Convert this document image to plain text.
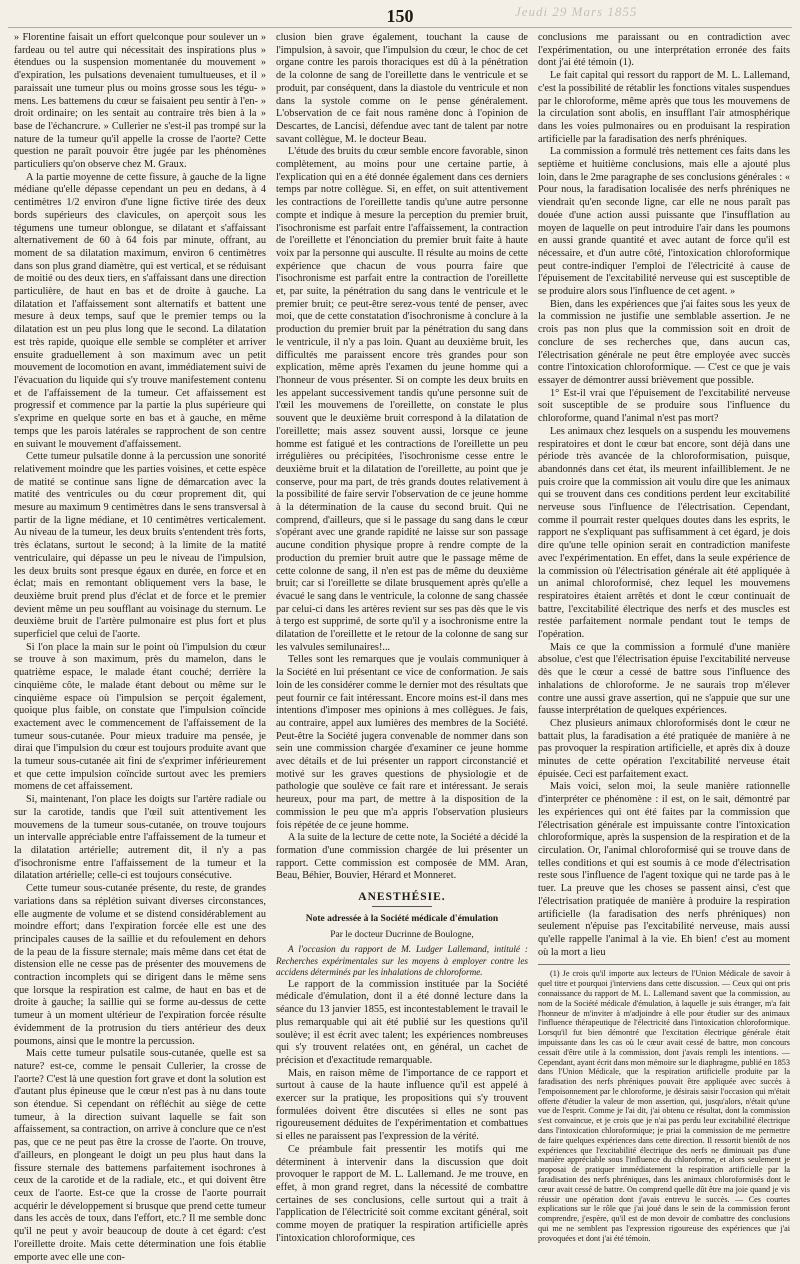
Jeudi 29 Mars 1855
150

» Florentine faisait un effort quelconque pour soulever un » fardeau ou tel autre qui nécessitait des inspirations plus » étendues ou la suspension momentanée du mouvement » d'expiration, les pulsations devenaient tumultueuses, et il » paraissait une tumeur plus ou moins grosse sous les tégu- » mens. Les battemens du cœur se faisaient peu sentir à l'en- » droit ordinaire; on les sentait au contraire très bien à la » base de l'échancrure. » Cullerier ne s'est-il pas trompé sur la nature de la tumeur qu'il appelle la crosse de l'aorte? Cette question ne paraît pouvoir être jugée par les phénomènes particuliers qu'on observe chez M. Graux.

A la partie moyenne de cette fissure, à gauche de la ligne médiane qu'elle dépasse cependant un peu en dedans, à 4 centimètres 1/2 environ d'une ligne fictive tirée des deux bords supérieurs des clavicules, on aperçoit sous les tégumens une tumeur oblongue, se dilatant et s'affaissant alternativement de 60 à 64 fois par minute, offrant, au moment de sa dilatation maximum, environ 6 centimètres dans son plus grand diamètre, qui est vertical, et se réduisant de moitié ou des deux tiers, en s'affaissant dans une direction particulière, de haut en bas et de droite à gauche. La dilatation et l'affaissement sont alternatifs et battent une mesure à deux temps, sauf que le premier temps ou la dilatation est un peu plus long que le second. La dilatation est très rapide, quoique elle semble se compléter et arriver ensuite graduellement à son maximum avec un petit mouvement de locomotion en avant, immédiatement suivi de l'évacuation du liquide qui s'y trouve manifestement contenu et de l'affaissement de la tumeur. Cet affaissement est progressif et commence par la partie la plus supérieure qui s'exprime en quelque sorte en bas et à gauche, en même temps que les parois latérales se rapprochent de son centre en suivant le mouvement d'affaissement.

Cette tumeur pulsatile donne à la percussion une sonorité relativement moindre que les parties voisines, et cette espèce de matité se continue sans ligne de démarcation avec la matité des ventricules ou du cœur proprement dit, qui mesure au maximum 9 centimètres dans le sens transversal à partir de la ligne médiane, et 10 centimètres verticalement. Au niveau de la tumeur, les deux bruits s'entendent très forts, très éclatans, surtout le second; à la limite de la matité ventriculaire, qui dépasse un peu le niveau de l'impulsion, les deux bruits sont presque égaux en durée, en force et en éclat; mais en remontant obliquement vers la base, le deuxième bruit prend plus d'éclat et de force et le premier devient même un peu soufflant au voisinage du sternum. Le deuxième bruit de l'artère pulmonaire est plus fort et plus superficiel que celui de l'aorte.

Si l'on place la main sur le point où l'impulsion du cœur se trouve à son maximum, près du mamelon, dans le quatrième espace, le malade étant couché; derrière la cinquième côte, le malade étant debout ou même sur le cinquième espace où l'impulsion se perçoit également, quoique plus faible, on constate que l'impulsion coïncide exactement avec le commencement de l'affaissement de la tumeur sous-cutanée. Pour mieux traduire ma pensée, je dirai que l'impulsion du cœur est toujours produite avant que la tumeur sous-cutanée ait fini de s'exprimer inférieurement et que cette impulsion coïncide surtout avec les premiers momens de cet affaissement.

Si, maintenant, l'on place les doigts sur l'artère radiale ou sur la carotide, tandis que l'œil suit attentivement les mouvemens de la tumeur sous-cutanée, on trouve toujours un intervalle appréciable entre l'affaissement de la tumeur et la dilatation artérielle; autrement dit, il n'y a pas d'isochronisme entre l'affaissement de la tumeur et la dilatation artérielle; celle-ci est toujours consécutive.

Cette tumeur sous-cutanée présente, du reste, de grandes variations dans sa réplétion suivant diverses circonstances, elle augmente de volume et se distend considérablement au moindre effort; dans l'expiration forcée elle est une des principales causes de la saillie et du refoulement en dehors de la peau de la fissure sternale; mais même dans cet état de distension elle ne cesse pas de présenter des mouvemens de contraction incomplets qui se dirigent dans le même sens que lorsque la respiration est calme, de haut en bas et de droite à gauche; la saillie qui se forme au-dessus de cette tumeur à un moment ultérieur de l'expiration forcée résulte évidemment de la protrusion du tiers antérieur des deux poumons, ainsi que le montre la percussion.

Mais cette tumeur pulsatile sous-cutanée, quelle est sa nature? est-ce, comme le pensait Cullerier, la crosse de l'aorte? C'est là une question fort grave et dont la solution est d'autant plus épineuse que le cœur n'est pas à nu dans toute son étendue. Si cependant on réfléchit au siège de cette tumeur, à la direction suivant laquelle se fait son affaissement, sa contraction, on arrive à conclure que ce n'est pas, que ce ne peut pas être la crosse de l'aorte. On trouve, d'ailleurs, en plongeant le doigt un peu plus haut dans la fissure sternale des battemens parfaitement isochrones à ceux de la carotide et de la radiale, etc., et qui doivent être ceux de l'aorte. Est-ce que la crosse de l'aorte pourrait acquérir le développement si brusque que prend cette tumeur dans les accès de toux, dans l'effort, etc.? Il me semble donc qu'il ne peut y avoir beaucoup de doute à cet égard: c'est l'oreillette droite. Mais cette détermination une fois établie emporte avec elle une con-

clusion bien grave également, touchant la cause de l'impulsion, à savoir, que l'impulsion du cœur, le choc de cet organe contre les parois thoraciques est dû à la pénétration de la colonne de sang de l'oreillette dans le ventricule et se produit, par conséquent, dans la diastole du ventricule et non dans la systole comme on le pense généralement. L'observation de ce fait nous ramène donc à l'opinion de Descartes, de Lancisi, défendue avec tant de talent par notre savant collègue, M. le docteur Beau.

L'étude des bruits du cœur semble encore favorable, sinon complètement, au moins pour une certaine partie, à l'explication qui en a été donnée également dans ces derniers temps par notre collègue. Si, en effet, on suit attentivement les contractions de l'oreillette tandis qu'une autre personne compte et indique à mesure la perception du premier bruit, l'isochronisme est parfait entre l'affaissement, la contraction de l'oreillette et l'énonciation du premier bruit faite à haute voix par la personne qui ausculte. Il résulte au moins de cette expérience que chacun de vous pourra faire que l'isochronisme est parfait entre la contraction de l'oreillette et, par suite, la pénétration du sang dans le ventricule et le premier bruit; ce peut-être serez-vous tenté de penser, avec moi, que de cette constatation d'isochronisme à conclure à la production du premier bruit par la pénétration du sang dans le ventricule, il n'y a pas loin. Quant au deuxième bruit, les difficultés me paraissent encore très grandes pour son explication, même après l'examen du jeune homme qui a l'honneur de vous présenter. Si on compte les deux bruits en les appelant successivement tandis qu'une personne suit de l'œil les mouvemens de l'oreillette, on constate le plus souvent que le deuxième bruit correspond à la dilatation de l'oreillette; mais assez souvent aussi, lorsque ce jeune homme est fatigué et les contractions de l'oreillette un peu irrégulières ou précipitées, l'isochronisme cesse entre le deuxième bruit et la dilatation de l'oreillette, au point que je conserve, pour ma part, de très grands doutes relativement à la possibilité de faire servir l'observation de ce jeune homme à la détermination de la cause du second bruit. Qui ne comprend, d'ailleurs, que si le passage du sang dans le cœur s'opérant avec une grande rapidité ne laisse sur son passage aucune condition physique propre à rendre compte de la production du premier bruit autre que le passage même de cette colonne de sang, il n'en est pas de même du deuxième bruit; car si l'oreillette se dilate brusquement après qu'elle a évacué le sang dans le ventricule, la colonne de sang chassée par celui-ci dans les artères revient sur ses pas dès que le vis à tergo est supprimé, de sorte qu'il y a isochronisme entre la dilatation de l'oreillette et le retour de la colonne de sang sur les valvules semilunaires!...

Telles sont les remarques que je voulais communiquer à la Société en lui présentant ce vice de conformation. Je sais loin de les considérer comme le dernier mot des résultats que peut fournir ce fait intéressant. Encore moins est-il dans mes intentions d'imposer mes opinions à mes collègues. Je fais, au contraire, appel aux lumières des membres de la Société. Peut-être la Société jugera convenable de nommer dans son sein une commission chargée d'examiner ce jeune homme avec détails et de lui présenter un rapport circonstancié et motivé sur les graves questions de physiologie et de pathologie que soulève ce fait rare et intéressant. Je serais heureux, pour ma part, de mettre à la disposition de la commission le peu que m'a appris l'observation plusieurs fois répétée de ce jeune homme.

A la suite de la lecture de cette note, la Société a décidé la formation d'une commission chargée de lui présenter un rapport. Cette commission est composée de MM. Aran, Beau, Béhier, Bouvier, Hérard et Monneret.

ANESTHÉSIE.
Note adressée à la Société médicale d'émulation
Par le docteur Ducrinne de Boulogne,

A l'occasion du rapport de M. Ludger Lallemand, intitulé : Recherches expérimentales sur les moyens à employer contre les accidens déterminés par les inhalations de chloroforme.

Le rapport de la commission instituée par la Société médicale d'émulation, dont il a été donné lecture dans la séance du 13 janvier 1855, est incontestablement le travail le plus remarquable qui ait été publié sur les questions qu'il soulève; il est écrit avec talent; les expériences nombreuses qui s'y trouvent relatées ont, en général, un cachet de précision et d'exactitude remarquable.

Mais, en raison même de l'importance de ce rapport et surtout à cause de la haute influence qu'il est appelé à exercer sur la pratique, les propositions qui s'y trouvent formulées doivent être discutées si elles ne sont pas rigoureusement déduites de l'expérimentation et combattues si elles ne paraissent pas l'expression de la vérité.

Ce préambule fait pressentir les motifs qui me déterminent à intervenir dans la discussion que doit provoquer le rapport de M. L. Lallemand. Je me trouve, en effet, à mon grand regret, dans la nécessité de combattre certaines de ses conclusions, celle surtout qui a trait à l'application de l'électricité soit comme excitant général, soit comme moyen de pratiquer la respiration artificielle après l'intoxication chloroformique, ces

conclusions me paraissant ou en contradiction avec l'expérimentation, ou une interprétation erronée des faits dont j'ai été témoin (1).

Le fait capital qui ressort du rapport de M. L. Lallemand, c'est la possibilité de rétablir les fonctions vitales suspendues par le chloroforme, même après que tous les mouvemens de la circulation sont abolis, en insufflant l'air atmosphérique dans les voies pulmonaires ou en produisant la respiration artificielle par la faradisation des nerfs phréniques.

La commission a formulé très nettement ces faits dans les septième et huitième conclusions, mais elle a ajouté plus loin, dans le 2me paragraphe de ses conclusions générales : « Pour nous, la faradisation localisée des nerfs phréniques ne viendrait qu'en seconde ligne, car elle ne nous paraît pas douée d'une action aussi puissante que l'insufflation au moyen de laquelle on peut introduire l'air dans les poumons en aussi grande quantité et avec autant de force qu'il est nécessaire, et d'un autre côté, l'intoxication chloroformique peut contre-indiquer l'emploi de l'électricité à cause de l'épuisement de l'excitabilité nerveuse qui est susceptible de se produire alors sous l'influence de cet agent. »

Bien, dans les expériences que j'ai faites sous les yeux de la commission ne justifie une semblable assertion. Je ne crois pas non plus que la commission soit en droit de conclure de ses recherches que, dans aucun cas, l'électrisation générale ne peut être employée avec succès contre l'intoxication chloroformique. — C'est ce que je vais essayer de démontrer aussi brièvement que possible.

1° Est-il vrai que l'épuisement de l'excitabilité nerveuse soit susceptible de se produire sous l'influence du chloroforme, quand l'animal n'est pas mort?

Les animaux chez lesquels on a suspendu les mouvemens respiratoires et dont le cœur bat encore, sont déjà dans une période très avancée de la chloroformisation, puisque, abandonnés dans cet état, ils meurent infailliblement. Je ne puis croire que la commission ait voulu dire que les animaux qui se trouvent dans ces conditions perdent leur excitabilité nerveuse sous l'influence de l'électrisation. Cependant, comme il pourrait rester quelques doutes dans les esprits, le rapport ne s'expliquant pas suffisamment à cet égard, je dois dire qu'une telle opinion serait en contradiction manifeste avec l'expérimentation. En effet, dans la seule expérience de la commission où l'électrisation générale ait été appliquée à un animal chloroformisé, chez lequel les mouvemens respiratoires étaient arrêtés et dont le cœur continuait de battre, l'excitabilité électrique des nerfs et des muscles est restée parfaitement normale pendant tout le temps de l'opération.

Mais ce que la commission a formulé d'une manière absolue, c'est que l'électrisation épuise l'excitabilité nerveuse dès que le cœur a cessé de battre sous l'influence des inhalations de chloroforme. Je ne saurais trop m'élever contre une aussi grave assertion, qui ne s'appuie que sur une fausse interprétation de quelques expériences.

Chez plusieurs animaux chloroformisés dont le cœur ne battait plus, la faradisation a été pratiquée de manière à ne pas provoquer la respiration artificielle, et après dix à douze minutes de cette opération l'excitabilité nerveuse était épuisée. Ceci est parfaitement exact.

Mais voici, selon moi, la seule manière rationnelle d'interpréter ce phénomène : il est, on le sait, démontré par les expériences qui ont été faites par la commission que l'électrisation générale est impuissante contre l'intoxication chloroformique, après la suspension de la respiration et de la circulation. Or, l'animal chloroformisé qui se trouve dans de telles conditions et qui est soumis à ce mode d'électrisation reste sous l'influence de l'agent toxique qui ne tarde pas à le tuer. La preuve que les choses se passent ainsi, c'est que l'électrisation pratiquée de manière à produire la respiration artificielle (la faradisation des nerfs phréniques) non seulement n'épuise pas l'excitabilité nerveuse, mais aussi qu'elle rappelle l'animal à la vie. Eh bien! c'est au moment où la mort a lieu

(1) Je crois qu'il importe aux lecteurs de l'Union Médicale de savoir à quel titre et pourquoi j'interviens dans cette discussion. — Ceux qui ont pris connaissance du rapport de M. L. Lallemand savent que la commission, au nom de la Société médicale d'émulation, à laquelle je suis étranger, m'a fait l'honneur de m'inviter à m'adjoindre à elle pour étudier sur des animaux l'influence thérapeutique de l'électricité dans l'intoxication chloroformique. Lorsqu'il fut bien démontré que l'excitation électrique générale était impuissante dans les cas où le cœur avait cessé de battre, mon concours cessait d'être utile à la commission, dont j'avais rempli les intentions. — Cependant, ayant écrit dans mon mémoire sur le diaphragme, publié en 1853 dans l'Union Médicale, que la respiration artificielle produite par la faradisation des nerfs phréniques pouvait être appliquée avec succès à l'empoisonnement par le chloroforme, je désirais saisir l'occasion qui m'était offerte d'étudier la valeur de mon assertion, qui, jusqu'alors, n'était qu'une vue de l'esprit. Comme je l'ai dit, j'ai obtenu ce résultat, dont la commission s'est convaincue, et je crois que je n'ai pas perdu leur excitabilité électrique dans l'intoxication chloroformique; je priai la commission de me permettre de faire quelques expériences dans cette direction. Il ressortit bientôt de nos expériences que l'excitabilité électrique des nerfs ne diminuait pas d'une manière appréciable sous l'influence du chloroforme, et alors seulement je proposai de pratiquer immédiatement la respiration artificielle par la faradisation des nerfs phréniques, dans les animaux chloroformisés dont le cœur avait cessé de battre. On comprend quelle dût être ma joie quand je vis réussir une opération dont j'avais entrevu le succès. — Ces courtes explications sur le rôle que j'ai joué dans le sein de la commission feront comprendre, j'espère, qu'il est de mon devoir de combattre des conclusions qui me ne semblent pas l'expression rigoureuse des expériences que j'ai provoquées et dont j'ai été témoin.
